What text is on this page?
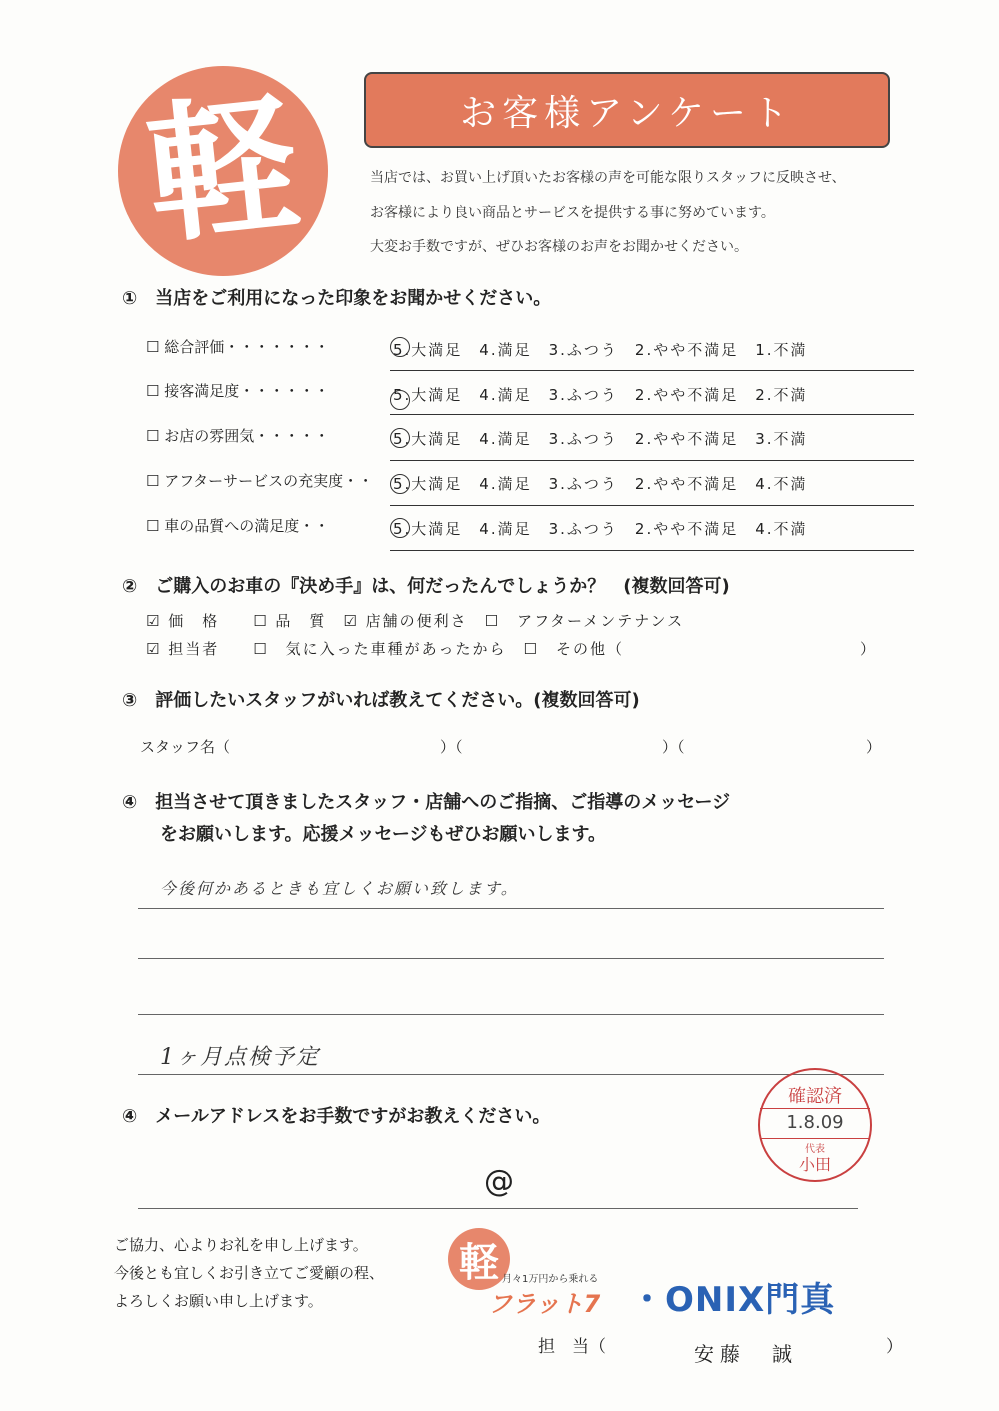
軽	お客様アンケート
当店では、お買い上げ頂いたお客様の声を可能な限りスタッフに反映させ、
お客様により良い商品とサービスを提供する事に努めています。
大変お手数ですが、ぜひお客様のお声をお聞かせください。
①　当店をご利用になった印象をお聞かせください。
☐ 総合評価・・・・・・・	5.大満足　4.満足　3.ふつう　2.やや不満足　1.不満
☐ 接客満足度・・・・・・	5.大満足　4.満足　3.ふつう　2.やや不満足　2.不満
☐ お店の雰囲気・・・・・	5.大満足　4.満足　3.ふつう　2.やや不満足　3.不満
☐ アフターサービスの充実度・・ 5.大満足　4.満足　3.ふつう　2.やや不満足　4.不満
☐ 車の品質への満足度・・	5.大満足　4.満足　3.ふつう　2.やや不満足　4.不満
②　ご購入のお車の『決め手』は、何だったんでしょうか？　(複数回答可)
☑ 価　格　　☐ 品　質　☑ 店舗の便利さ　☐　アフターメンテナンス
☑ 担当者　　☐　気に入った車種があったから　☐　その他（	）
③　評価したいスタッフがいれば教えてください。(複数回答可)
スタッフ名（	）（	）（	）
④　担当させて頂きましたスタッフ・店舗へのご指摘、ご指導のメッセージ
をお願いします。応援メッセージもぜひお願いします。
今後何かあるときも宜しくお願い致します。
1ヶ月点検予定
④　メールアドレスをお手数ですがお教えください。
@
確認済
1.8.09
代表
小田
ご協力、心よりお礼を申し上げます。
今後とも宜しくお引き立てご愛顧の程、
よろしくお願い申し上げます。
軽 月々1万円から乗れる
フラット7 ・ONIX門真
担　当（	安藤　誠	）
